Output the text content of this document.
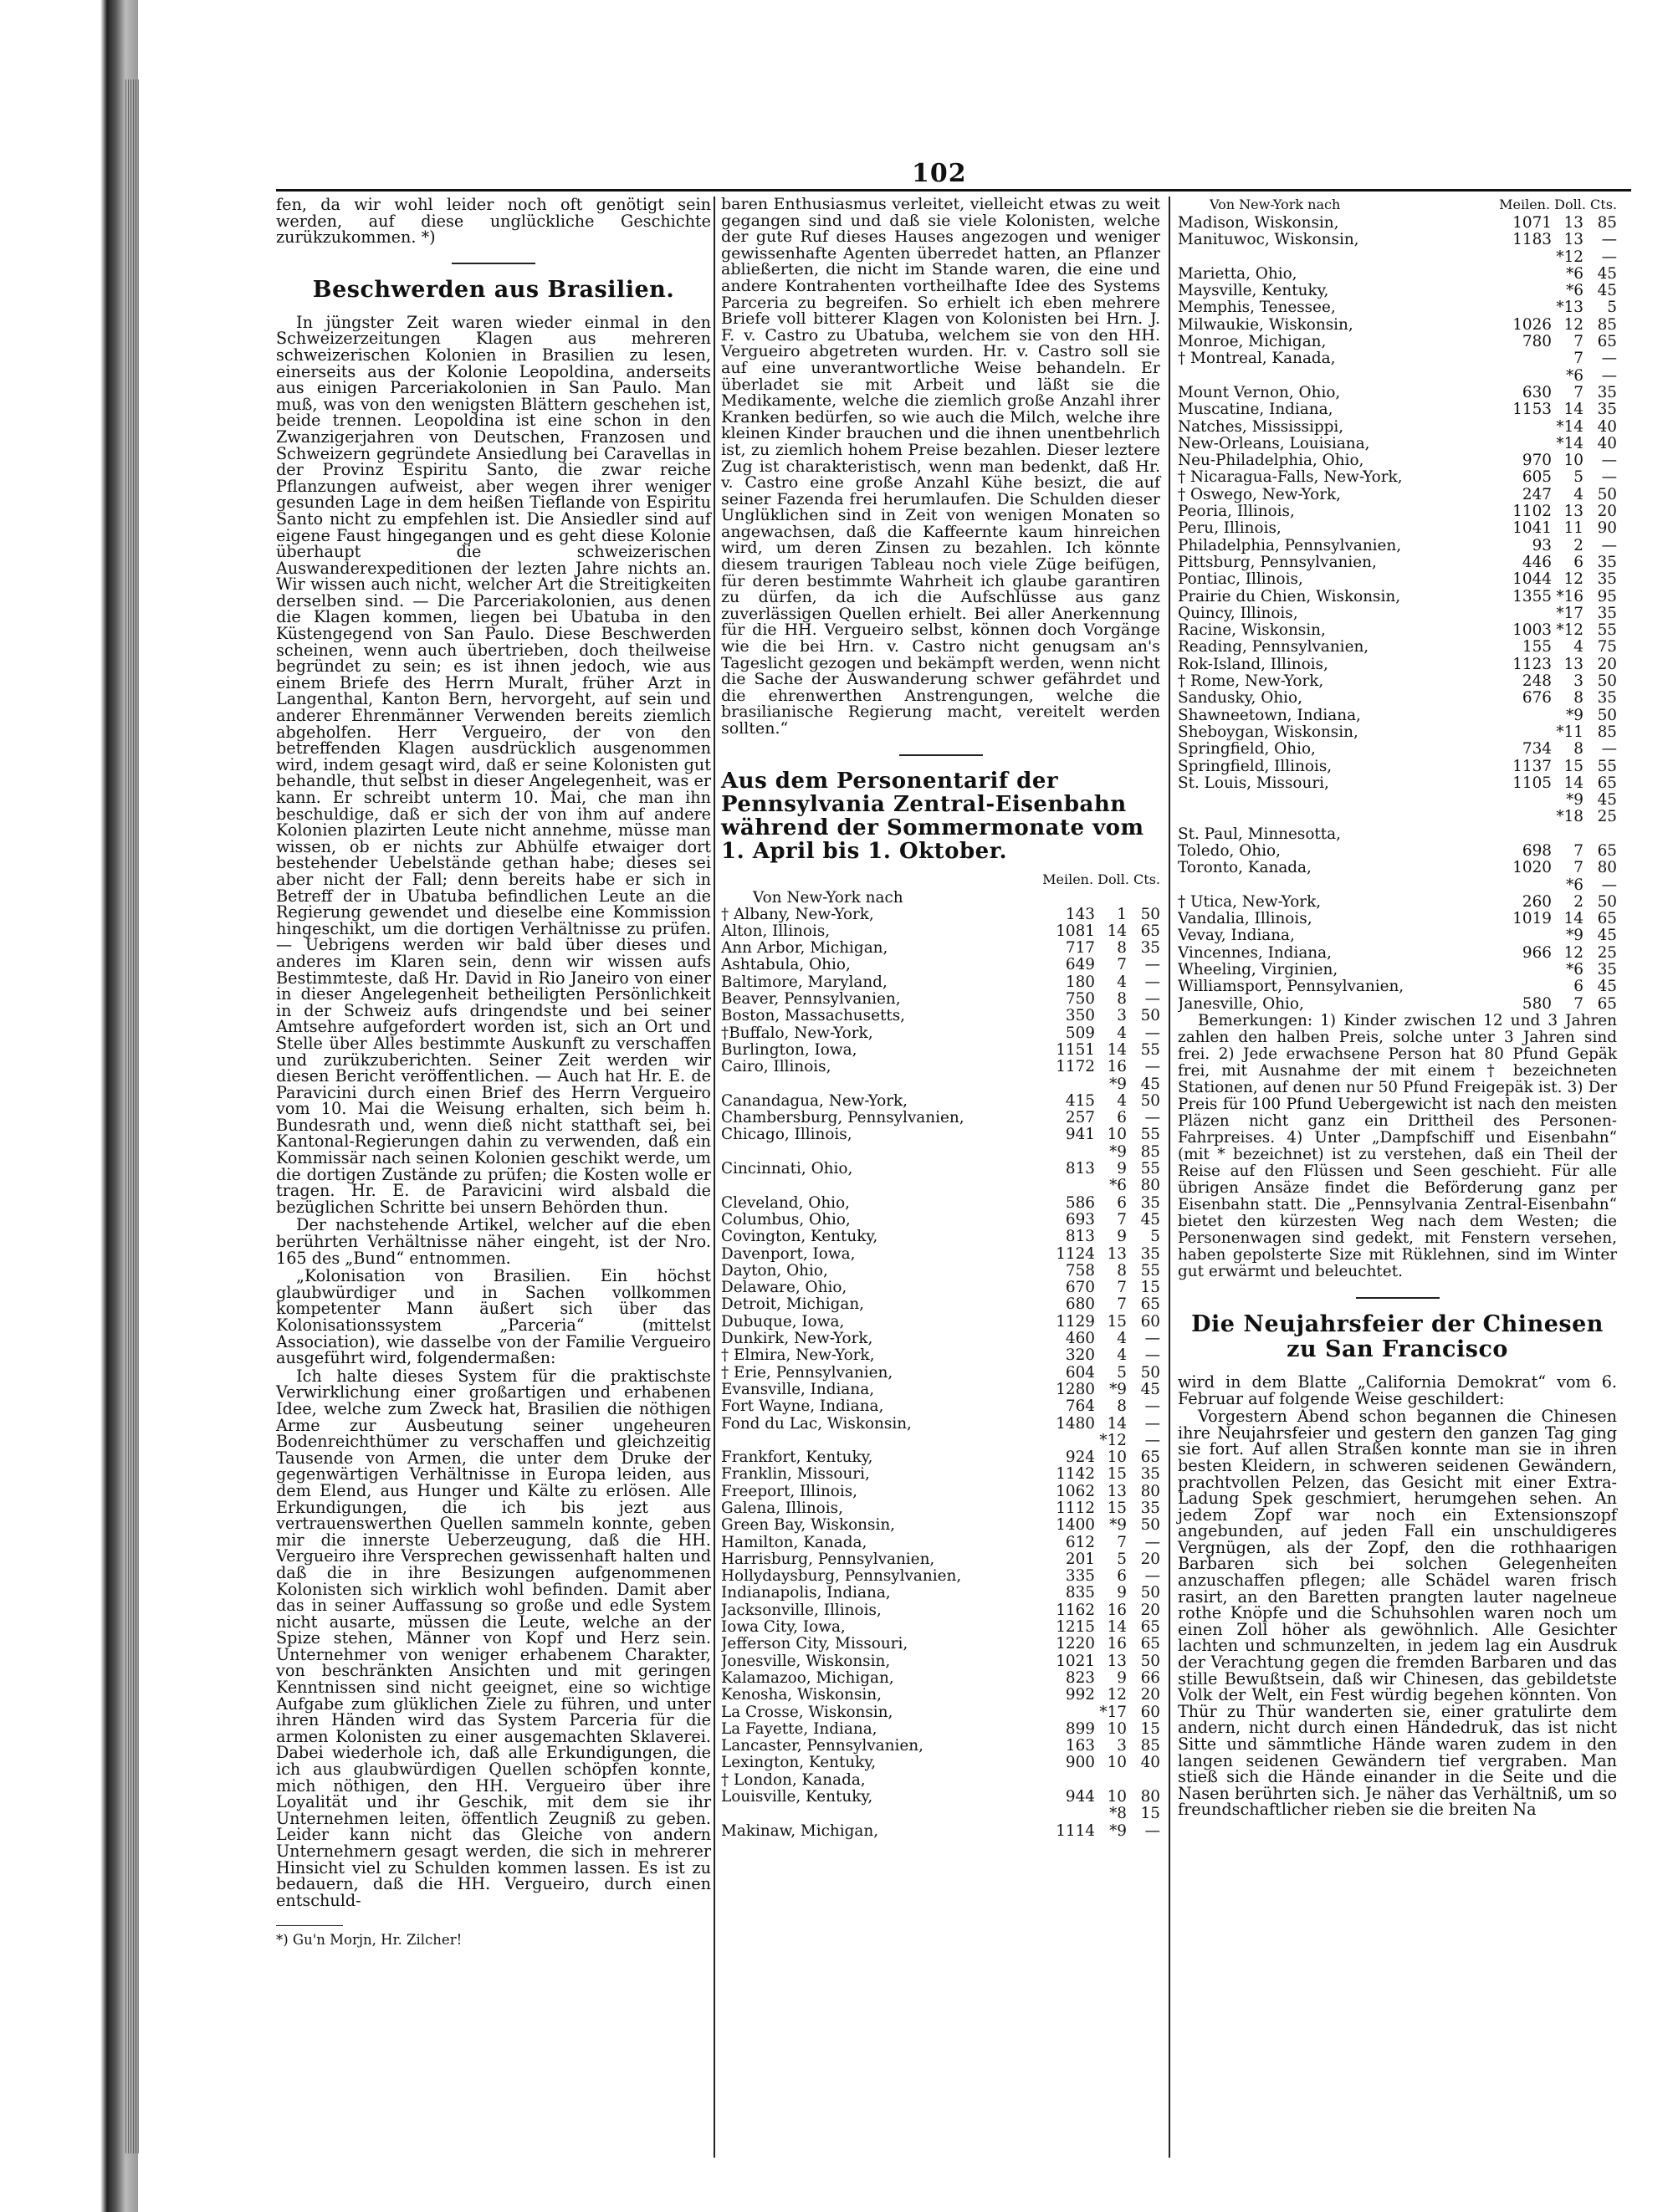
102

fen, da wir wohl leider noch oft genötigt sein werden, auf diese unglückliche Geschichte zurükzukommen. *)

Beschwerden aus Brasilien.

In jüngster Zeit waren wieder einmal in den Schweizerzeitungen Klagen aus mehreren schweizerischen Kolonien in Brasilien zu lesen, einerseits aus der Kolonie Leopoldina, anderseits aus einigen Parceriakolonien in San Paulo. Man muß, was von den wenigsten Blättern geschehen ist, beide trennen. Leopoldina ist eine schon in den Zwanzigerjahren von Deutschen, Franzosen und Schweizern gegründete Ansiedlung bei Caravellas in der Provinz Espiritu Santo, die zwar reiche Pflanzungen aufweist, aber wegen ihrer weniger gesunden Lage in dem heißen Tieflande von Espiritu Santo nicht zu empfehlen ist. Die Ansiedler sind auf eigene Faust hingegangen und es geht diese Kolonie überhaupt die schweizerischen Auswanderexpeditionen der lezten Jahre nichts an. Wir wissen auch nicht, welcher Art die Streitigkeiten derselben sind. — Die Parceriakolonien, aus denen die Klagen kommen, liegen bei Ubatuba in den Küstengegend von San Paulo. Diese Beschwerden scheinen, wenn auch übertrieben, doch theilweise begründet zu sein; es ist ihnen jedoch, wie aus einem Briefe des Herrn Muralt, früher Arzt in Langenthal, Kanton Bern, hervorgeht, auf sein und anderer Ehrenmänner Verwenden bereits ziemlich abgeholfen. Herr Vergueiro, der von den betreffenden Klagen ausdrücklich ausgenommen wird, indem gesagt wird, daß er seine Kolonisten gut behandle, thut selbst in dieser Angelegenheit, was er kann. Er schreibt unterm 10. Mai, che man ihn beschuldige, daß er sich der von ihm auf andere Kolonien plazirten Leute nicht annehme, müsse man wissen, ob er nichts zur Abhülfe etwaiger dort bestehender Uebelstände gethan habe; dieses sei aber nicht der Fall; denn bereits habe er sich in Betreff der in Ubatuba befindlichen Leute an die Regierung gewendet und dieselbe eine Kommission hingeschikt, um die dortigen Verhältnisse zu prüfen. — Uebrigens werden wir bald über dieses und anderes im Klaren sein, denn wir wissen aufs Bestimmteste, daß Hr. David in Rio Janeiro von einer in dieser Angelegenheit betheiligten Persönlichkeit in der Schweiz aufs dringendste und bei seiner Amtsehre aufgefordert worden ist, sich an Ort und Stelle über Alles bestimmte Auskunft zu verschaffen und zurükzuberichten. Seiner Zeit werden wir diesen Bericht veröffentlichen. — Auch hat Hr. E. de Paravicini durch einen Brief des Herrn Vergueiro vom 10. Mai die Weisung erhalten, sich beim h. Bundesrath und, wenn dieß nicht statthaft sei, bei Kantonal-Regierungen dahin zu verwenden, daß ein Kommissär nach seinen Kolonien geschikt werde, um die dortigen Zustände zu prüfen; die Kosten wolle er tragen. Hr. E. de Paravicini wird alsbald die bezüglichen Schritte bei unsern Behörden thun.

Der nachstehende Artikel, welcher auf die eben berührten Verhältnisse näher eingeht, ist der Nro. 165 des „Bund“ entnommen.

„Kolonisation von Brasilien. Ein höchst glaubwürdiger und in Sachen vollkommen kompetenter Mann äußert sich über das Kolonisationssystem „Parceria“ (mittelst Association), wie dasselbe von der Familie Vergueiro ausgeführt wird, folgendermaßen:

Ich halte dieses System für die praktischste Verwirklichung einer großartigen und erhabenen Idee, welche zum Zweck hat, Brasilien die nöthigen Arme zur Ausbeutung seiner ungeheuren Bodenreichthümer zu verschaffen und gleichzeitig Tausende von Armen, die unter dem Druke der gegenwärtigen Verhältnisse in Europa leiden, aus dem Elend, aus Hunger und Kälte zu erlösen. Alle Erkundigungen, die ich bis jezt aus vertrauenswerthen Quellen sammeln konnte, geben mir die innerste Ueberzeugung, daß die HH. Vergueiro ihre Versprechen gewissenhaft halten und daß die in ihre Besizungen aufgenommenen Kolonisten sich wirklich wohl befinden. Damit aber das in seiner Auffassung so große und edle System nicht ausarte, müssen die Leute, welche an der Spize stehen, Männer von Kopf und Herz sein. Unternehmer von weniger erhabenem Charakter, von beschränkten Ansichten und mit geringen Kenntnissen sind nicht geeignet, eine so wichtige Aufgabe zum glüklichen Ziele zu führen, und unter ihren Händen wird das System Parceria für die armen Kolonisten zu einer ausgemachten Sklaverei. Dabei wiederhole ich, daß alle Erkundigungen, die ich aus glaubwürdigen Quellen schöpfen konnte, mich nöthigen, den HH. Vergueiro über ihre Loyalität und ihr Geschik, mit dem sie ihr Unternehmen leiten, öffentlich Zeugniß zu geben. Leider kann nicht das Gleiche von andern Unternehmern gesagt werden, die sich in mehrerer Hinsicht viel zu Schulden kommen lassen. Es ist zu bedauern, daß die HH. Vergueiro, durch einen entschuld-

*) Gu'n Morjn, Hr. Zilcher!

baren Enthusiasmus verleitet, vielleicht etwas zu weit gegangen sind und daß sie viele Kolonisten, welche der gute Ruf dieses Hauses angezogen und weniger gewissenhafte Agenten überredet hatten, an Pflanzer abließerten, die nicht im Stande waren, die eine und andere Kontrahenten vortheilhafte Idee des Systems Parceria zu begreifen. So erhielt ich eben mehrere Briefe voll bitterer Klagen von Kolonisten bei Hrn. J. F. v. Castro zu Ubatuba, welchem sie von den HH. Vergueiro abgetreten wurden. Hr. v. Castro soll sie auf eine unverantwortliche Weise behandeln. Er überladet sie mit Arbeit und läßt sie die Medikamente, welche die ziemlich große Anzahl ihrer Kranken bedürfen, so wie auch die Milch, welche ihre kleinen Kinder brauchen und die ihnen unentbehrlich ist, zu ziemlich hohem Preise bezahlen. Dieser leztere Zug ist charakteristisch, wenn man bedenkt, daß Hr. v. Castro eine große Anzahl Kühe besizt, die auf seiner Fazenda frei herumlaufen. Die Schulden dieser Unglüklichen sind in Zeit von wenigen Monaten so angewachsen, daß die Kaffeernte kaum hinreichen wird, um deren Zinsen zu bezahlen. Ich könnte diesem traurigen Tableau noch viele Züge beifügen, für deren bestimmte Wahrheit ich glaube garantiren zu dürfen, da ich die Aufschlüsse aus ganz zuverlässigen Quellen erhielt. Bei aller Anerkennung für die HH. Vergueiro selbst, können doch Vorgänge wie die bei Hrn. v. Castro nicht genugsam an's Tageslicht gezogen und bekämpft werden, wenn nicht die Sache der Auswanderung schwer gefährdet und die ehrenwerthen Anstrengungen, welche die brasilianische Regierung macht, vereitelt werden sollten.“

Aus dem Personentarif der Pennsylvania Zentral-Eisenbahn während der Sommermonate vom 1. April bis 1. Oktober.
Meilen. Doll. Cts.
Von New-York nach
† Albany, New-York,	143	1 50
Alton, Illinois,	1081 14 65
Ann Arbor, Michigan,	717	8 35
Ashtabula, Ohio,	649	7	—
Baltimore, Maryland,	180	4	—
Beaver, Pennsylvanien,	750	8	—
Boston, Massachusetts,	350	3 50
†Buffalo, New-York,	509	4	—
Burlington, Iowa,	1151 14 55
Cairo, Illinois,	1172 16	—
*9 45
Canandagua, New-York,	415	4 50
Chambersburg, Pennsylvanien,	257	6	—
Chicago, Illinois,	941 10 55
*9 85
Cincinnati, Ohio,	813	9 55
*6 80
Cleveland, Ohio,	586	6 35
Columbus, Ohio,	693	7 45
Covington, Kentuky,	813	9	5
Davenport, Iowa,	1124 13 35
Dayton, Ohio,	758	8 55
Delaware, Ohio,	670	7 15
Detroit, Michigan,	680	7 65
Dubuque, Iowa,	1129 15 60
Dunkirk, New-York,	460	4	—
† Elmira, New-York,	320	4	—
† Erie, Pennsylvanien,	604	5 50
Evansville, Indiana,	1280 *9 45
Fort Wayne, Indiana,	764	8	—
Fond du Lac, Wiskonsin,	1480 14	—
*12	—
Frankfort, Kentuky,	924 10 65
Franklin, Missouri,	1142 15 35
Freeport, Illinois,	1062 13 80
Galena, Illinois,	1112 15 35
Green Bay, Wiskonsin,	1400 *9 50
Hamilton, Kanada,	612	7	—
Harrisburg, Pennsylvanien,	201	5 20
Hollydaysburg, Pennsylvanien,	335	6	—
Indianapolis, Indiana,	835	9 50
Jacksonville, Illinois,	1162 16 20
Iowa City, Iowa,	1215 14 65
Jefferson City, Missouri,	1220 16 65
Jonesville, Wiskonsin,	1021 13 50
Kalamazoo, Michigan,	823	9 66
Kenosha, Wiskonsin,	992 12 20
La Crosse, Wiskonsin,	*17 60
La Fayette, Indiana,	899 10 15
Lancaster, Pennsylvanien,	163	3 85
Lexington, Kentuky,	900 10 40
† London, Kanada,
Louisville, Kentuky,	944 10 80
*8 15
Makinaw, Michigan,	1114 *9	—
Von New-York nach	Meilen. Doll. Cts.
Madison, Wiskonsin,	1071 13 85
Manituwoc, Wiskonsin,	1183 13	—
*12	—
Marietta, Ohio,	*6 45
Maysville, Kentuky,	*6 45
Memphis, Tenessee,	*13	5
Milwaukie, Wiskonsin,	1026 12 85
Monroe, Michigan,	780	7 65
† Montreal, Kanada,	7	—
*6	—
Mount Vernon, Ohio,	630	7 35
Muscatine, Indiana,	1153 14 35
Natches, Mississippi,	*14 40
New-Orleans, Louisiana,	*14 40
Neu-Philadelphia, Ohio,	970 10	—
† Nicaragua-Falls, New-York,	605	5	—
† Oswego, New-York,	247	4 50
Peoria, Illinois,	1102 13 20
Peru, Illinois,	1041 11 90
Philadelphia, Pennsylvanien,	93	2	—
Pittsburg, Pennsylvanien,	446	6 35
Pontiac, Illinois,	1044 12 35
Prairie du Chien, Wiskonsin,	1355 *16 95
Quincy, Illinois,	*17 35
Racine, Wiskonsin,	1003 *12 55
Reading, Pennsylvanien,	155	4 75
Rok-Island, Illinois,	1123 13 20
† Rome, New-York,	248	3 50
Sandusky, Ohio,	676	8 35
Shawneetown, Indiana,	*9 50
Sheboygan, Wiskonsin,	*11 85
Springfield, Ohio,	734	8	—
Springfield, Illinois,	1137 15 55
St. Louis, Missouri,	1105 14 65
*9 45
*18 25
St. Paul, Minnesotta,
Toledo, Ohio,	698	7 65
Toronto, Kanada,	1020	7 80
*6	—
† Utica, New-York,	260	2 50
Vandalia, Illinois,	1019 14 65
Vevay, Indiana,	*9 45
Vincennes, Indiana,	966 12 25
Wheeling, Virginien,	*6 35
Williamsport, Pennsylvanien,	6 45
Janesville, Ohio,	580	7 65

Bemerkungen: 1) Kinder zwischen 12 und 3 Jahren zahlen den halben Preis, solche unter 3 Jahren sind frei. 2) Jede erwachsene Person hat 80 Pfund Gepäk frei, mit Ausnahme der mit einem † bezeichneten Stationen, auf denen nur 50 Pfund Freigepäk ist. 3) Der Preis für 100 Pfund Uebergewicht ist nach den meisten Pläzen nicht ganz ein Drittheil des Personen-Fahrpreises. 4) Unter „Dampfschiff und Eisenbahn“ (mit * bezeichnet) ist zu verstehen, daß ein Theil der Reise auf den Flüssen und Seen geschieht. Für alle übrigen Ansäze findet die Beförderung ganz per Eisenbahn statt. Die „Pennsylvania Zentral-Eisenbahn“ bietet den kürzesten Weg nach dem Westen; die Personenwagen sind gedekt, mit Fenstern versehen, haben gepolsterte Size mit Rüklehnen, sind im Winter gut erwärmt und beleuchtet.

Die Neujahrsfeier der Chinesen zu San Francisco

wird in dem Blatte „California Demokrat“ vom 6. Februar auf folgende Weise geschildert:

Vorgestern Abend schon begannen die Chinesen ihre Neujahrsfeier und gestern den ganzen Tag ging sie fort. Auf allen Straßen konnte man sie in ihren besten Kleidern, in schweren seidenen Gewändern, prachtvollen Pelzen, das Gesicht mit einer Extra-Ladung Spek geschmiert, herumgehen sehen. An jedem Zopf war noch ein Extensionszopf angebunden, auf jeden Fall ein unschuldigeres Vergnügen, als der Zopf, den die rothhaarigen Barbaren sich bei solchen Gelegenheiten anzuschaffen pflegen; alle Schädel waren frisch rasirt, an den Baretten prangten lauter nagelneue rothe Knöpfe und die Schuhsohlen waren noch um einen Zoll höher als gewöhnlich. Alle Gesichter lachten und schmunzelten, in jedem lag ein Ausdruk der Verachtung gegen die fremden Barbaren und das stille Bewußtsein, daß wir Chinesen, das gebildetste Volk der Welt, ein Fest würdig begehen könnten. Von Thür zu Thür wanderten sie, einer gratulirte dem andern, nicht durch einen Händedruk, das ist nicht Sitte und sämmtliche Hände waren zudem in den langen seidenen Gewändern tief vergraben. Man stieß sich die Hände einander in die Seite und die Nasen berührten sich. Je näher das Verhältniß, um so freundschaftlicher rieben sie die breiten Na
